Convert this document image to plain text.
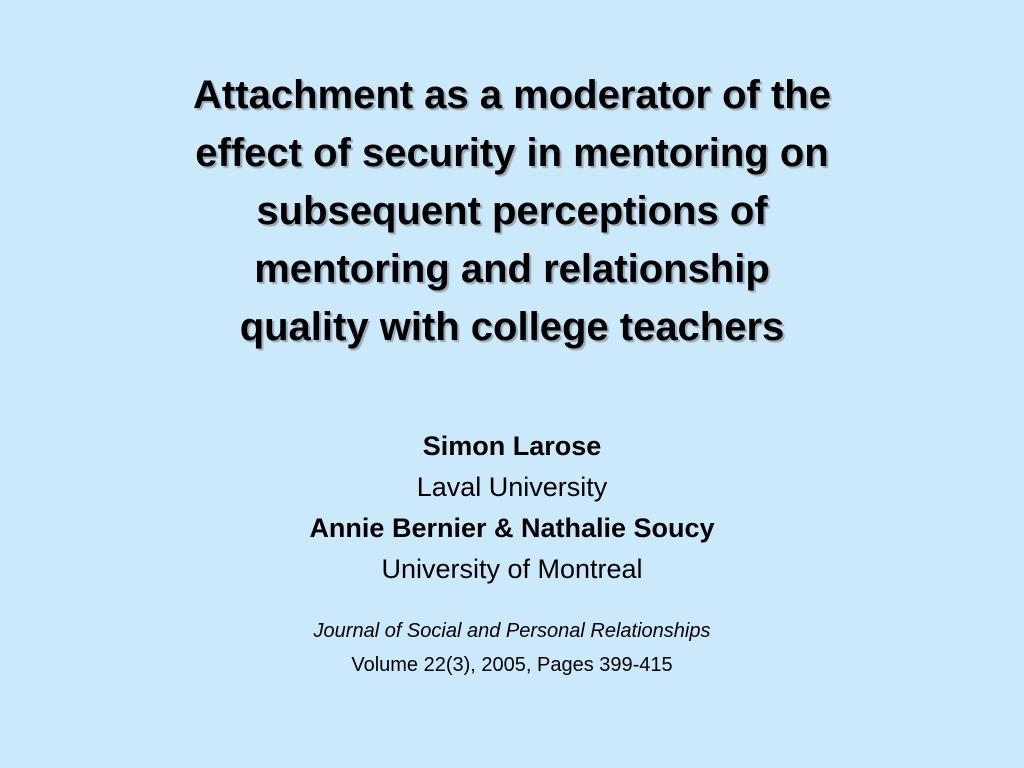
Attachment as a moderator of the
effect of security in mentoring on
subsequent perceptions of
mentoring and relationship
quality with college teachers
Simon Larose
Laval University
Annie Bernier & Nathalie Soucy
University of Montreal
Journal of Social and Personal Relationships
Volume 22(3), 2005, Pages 399-415
